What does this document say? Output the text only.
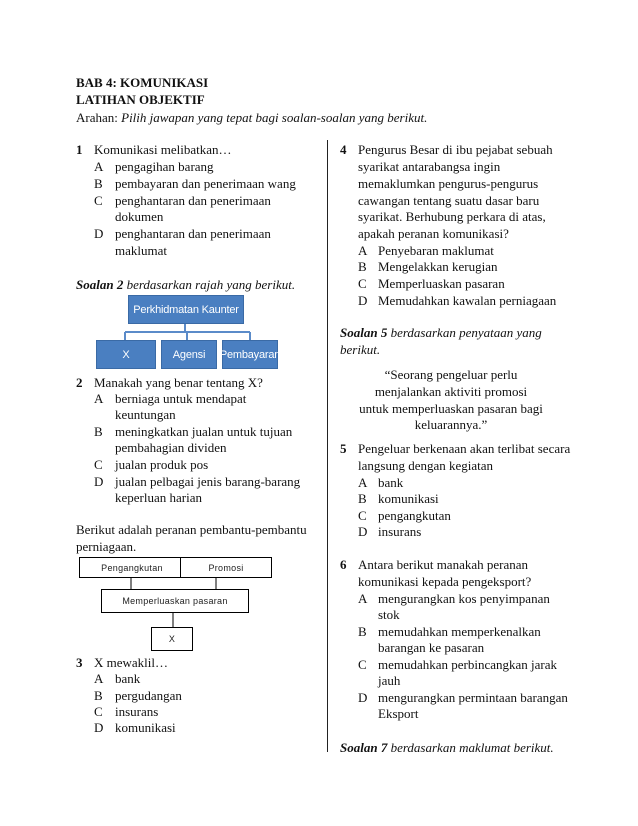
BAB 4: KOMUNIKASI
LATIHAN OBJEKTIF
Arahan: Pilih jawapan yang tepat bagi soalan-soalan yang berikut.
1 Komunikasi melibatkan…
A pengagihan barang
B pembayaran dan penerimaan wang
C penghantaran dan penerimaan
dokumen
D penghantaran dan penerimaan
maklumat
Soalan 2 berdasarkan rajah yang berikut.
Perkhidmatan Kaunter
X	Agensi	Pembayaran
2 Manakah yang benar tentang X?
A berniaga untuk mendapat
keuntungan
B meningkatkan jualan untuk tujuan
pembahagian dividen
C jualan produk pos
D jualan pelbagai jenis barang-barang
keperluan harian
Berikut adalah peranan pembantu-pembantu
perniagaan.
Pengangkutan	Promosi
Memperluaskan pasaran
X
3 X mewaklil…
A bank
B pergudangan
C insurans
D komunikasi
4 Pengurus Besar di ibu pejabat sebuah
syarikat antarabangsa ingin
memaklumkan pengurus-pengurus
cawangan tentang suatu dasar baru
syarikat. Berhubung perkara di atas,
apakah peranan komunikasi?
A Penyebaran maklumat
B Mengelakkan kerugian
C Memperluaskan pasaran
D Memudahkan kawalan perniagaan
Soalan 5 berdasarkan penyataan yang
berikut.
“Seorang pengeluar perlu
menjalankan aktiviti promosi
untuk memperluaskan pasaran bagi
keluarannya.”
5 Pengeluar berkenaan akan terlibat secara
langsung dengan kegiatan
A bank
B komunikasi
C pengangkutan
D insurans
6 Antara berikut manakah peranan
komunikasi kepada pengeksport?
A mengurangkan kos penyimpanan
stok
B memudahkan memperkenalkan
barangan ke pasaran
C memudahkan perbincangkan jarak
jauh
D mengurangkan permintaan barangan
Eksport
Soalan 7 berdasarkan maklumat berikut.
